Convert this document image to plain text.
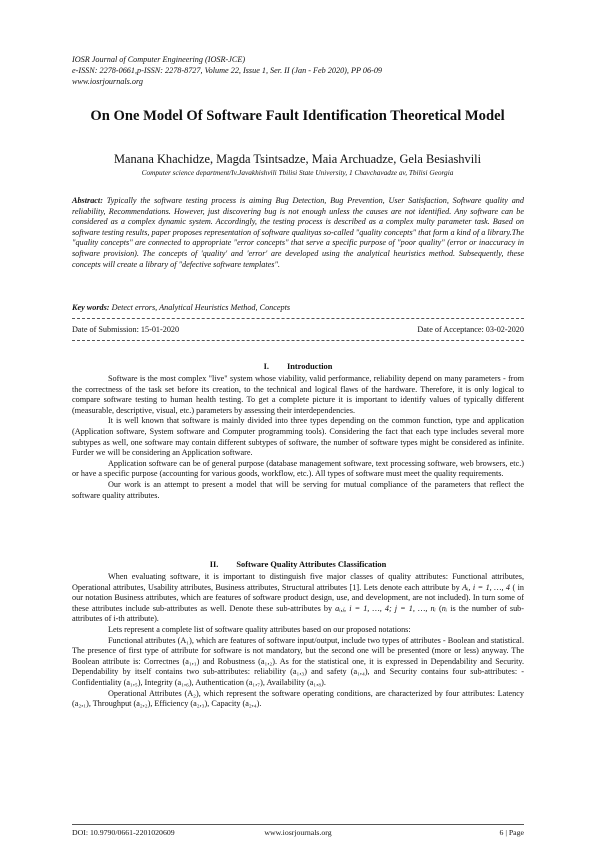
IOSR Journal of Computer Engineering (IOSR-JCE)
e-ISSN: 2278-0661,p-ISSN: 2278-8727, Volume 22, Issue 1, Ser. II (Jan - Feb 2020), PP 06-09
www.iosrjournals.org
On One Model Of Software Fault Identification Theoretical Model
Manana Khachidze, Magda Tsintsadze, Maia Archuadze, Gela Besiashvili
Computer science department/Iv.Javakhishvili Tbilisi State University, 1 Chavchavadze av, Tbilisi Georgia
Abstract: Typically the software testing process is aiming Bug Detection, Bug Prevention, User Satisfaction, Software quality and reliability, Recommendations. However, just discovering bug is not enough unless the causes are not identified. Any software can be considered as a complex dynamic system. Accordingly, the testing process is described as a complex multy parameter task. Based on software testing results, paper proposes representation of software qualityas so-called "quality concepts" that form a kind of a library.The "quality concepts" are connected to appropriate "error concepts" that serve a specific purpose of "poor quality" (error or inaccuracy in software provision). The concepts of 'quality' and 'error' are developed using the analytical heuristics method. Subsequently, these concepts will create a library of "defective software templates".
Key words: Detect errors, Analytical Heuristics Method, Concepts
Date of Submission: 15-01-2020	Date of Acceptance: 03-02-2020
I. Introduction

Software is the most complex "live" system whose viability, valid performance, reliability depend on many parameters - from the correctness of the task set before its creation, to the technical and logical flaws of the hardware. Therefore, it is only logical to compare software testing to human health testing. To get a complete picture it is important to identify values of typically different (measurable, descriptive, visual, etc.) parameters by assessing their interdependencies.

It is well known that software is mainly divided into three types depending on the common function, type and application (Application software, System software and Computer programming tools). Considering the fact that each type includes several more subtypes as well, one software may contain different subtypes of software, the number of software types might be considered as infinite. Furder we will be considering an Application software.

Application software can be of general purpose (database management software, text processing software, web browsers, etc.) or have a specific purpose (accounting for various goods, workflow, etc.). All types of software must meet the quality requirements.

Our work is an attempt to present a model that will be serving for mutual compliance of the parameters that reflect the software quality attributes.

II. Software Quality Attributes Classification

When evaluating software, it is important to distinguish five major classes of quality attributes: Functional attributes, Operational attributes, Usability attributes, Business attributes, Structural attributes [1]. Lets denote each attribute by Aᵢ, i = 1, …, 4 ( in our notation Business attributes, which are features of software product design, use, and development, are not included). In turn some of these attributes include sub-attributes as well. Denote these sub-attributes by aᵢ,ⱼ, i = 1, …, 4; j = 1, …, nᵢ (nᵢ is the number of sub-attributes of i-th attribute).

Lets represent a complete list of software quality attributes based on our proposed notations:

Functional attributes (A₁), which are features of software input/output, include two types of attributes - Boolean and statistical. The presence of first type of attribute for software is not mandatory, but the second one will be presented (more or less) anyway. The Boolean attribute is: Correctnes (a₁,₁) and Robustness (a₁,₂). As for the statistical one, it is expressed in Dependability and Security. Dependability by itself contains two sub-attributes: reliability (a₁,₃) and safety (a₁,₄), and Security contains four sub-attributes: - Confidentiality (a₁,₅), Integrity (a₁,₆), Authentication (a₁,₇), Availability (a₁,₈).

Operational Attributes (A₂), which represent the software operating conditions, are characterized by four attributes: Latency (a₂,₁), Throughput (a₂,₂), Efficiency (a₂,₃), Capacity (a₂,₄).

DOI: 10.9790/0661-2201020609	www.iosrjournals.org	6 | Page
